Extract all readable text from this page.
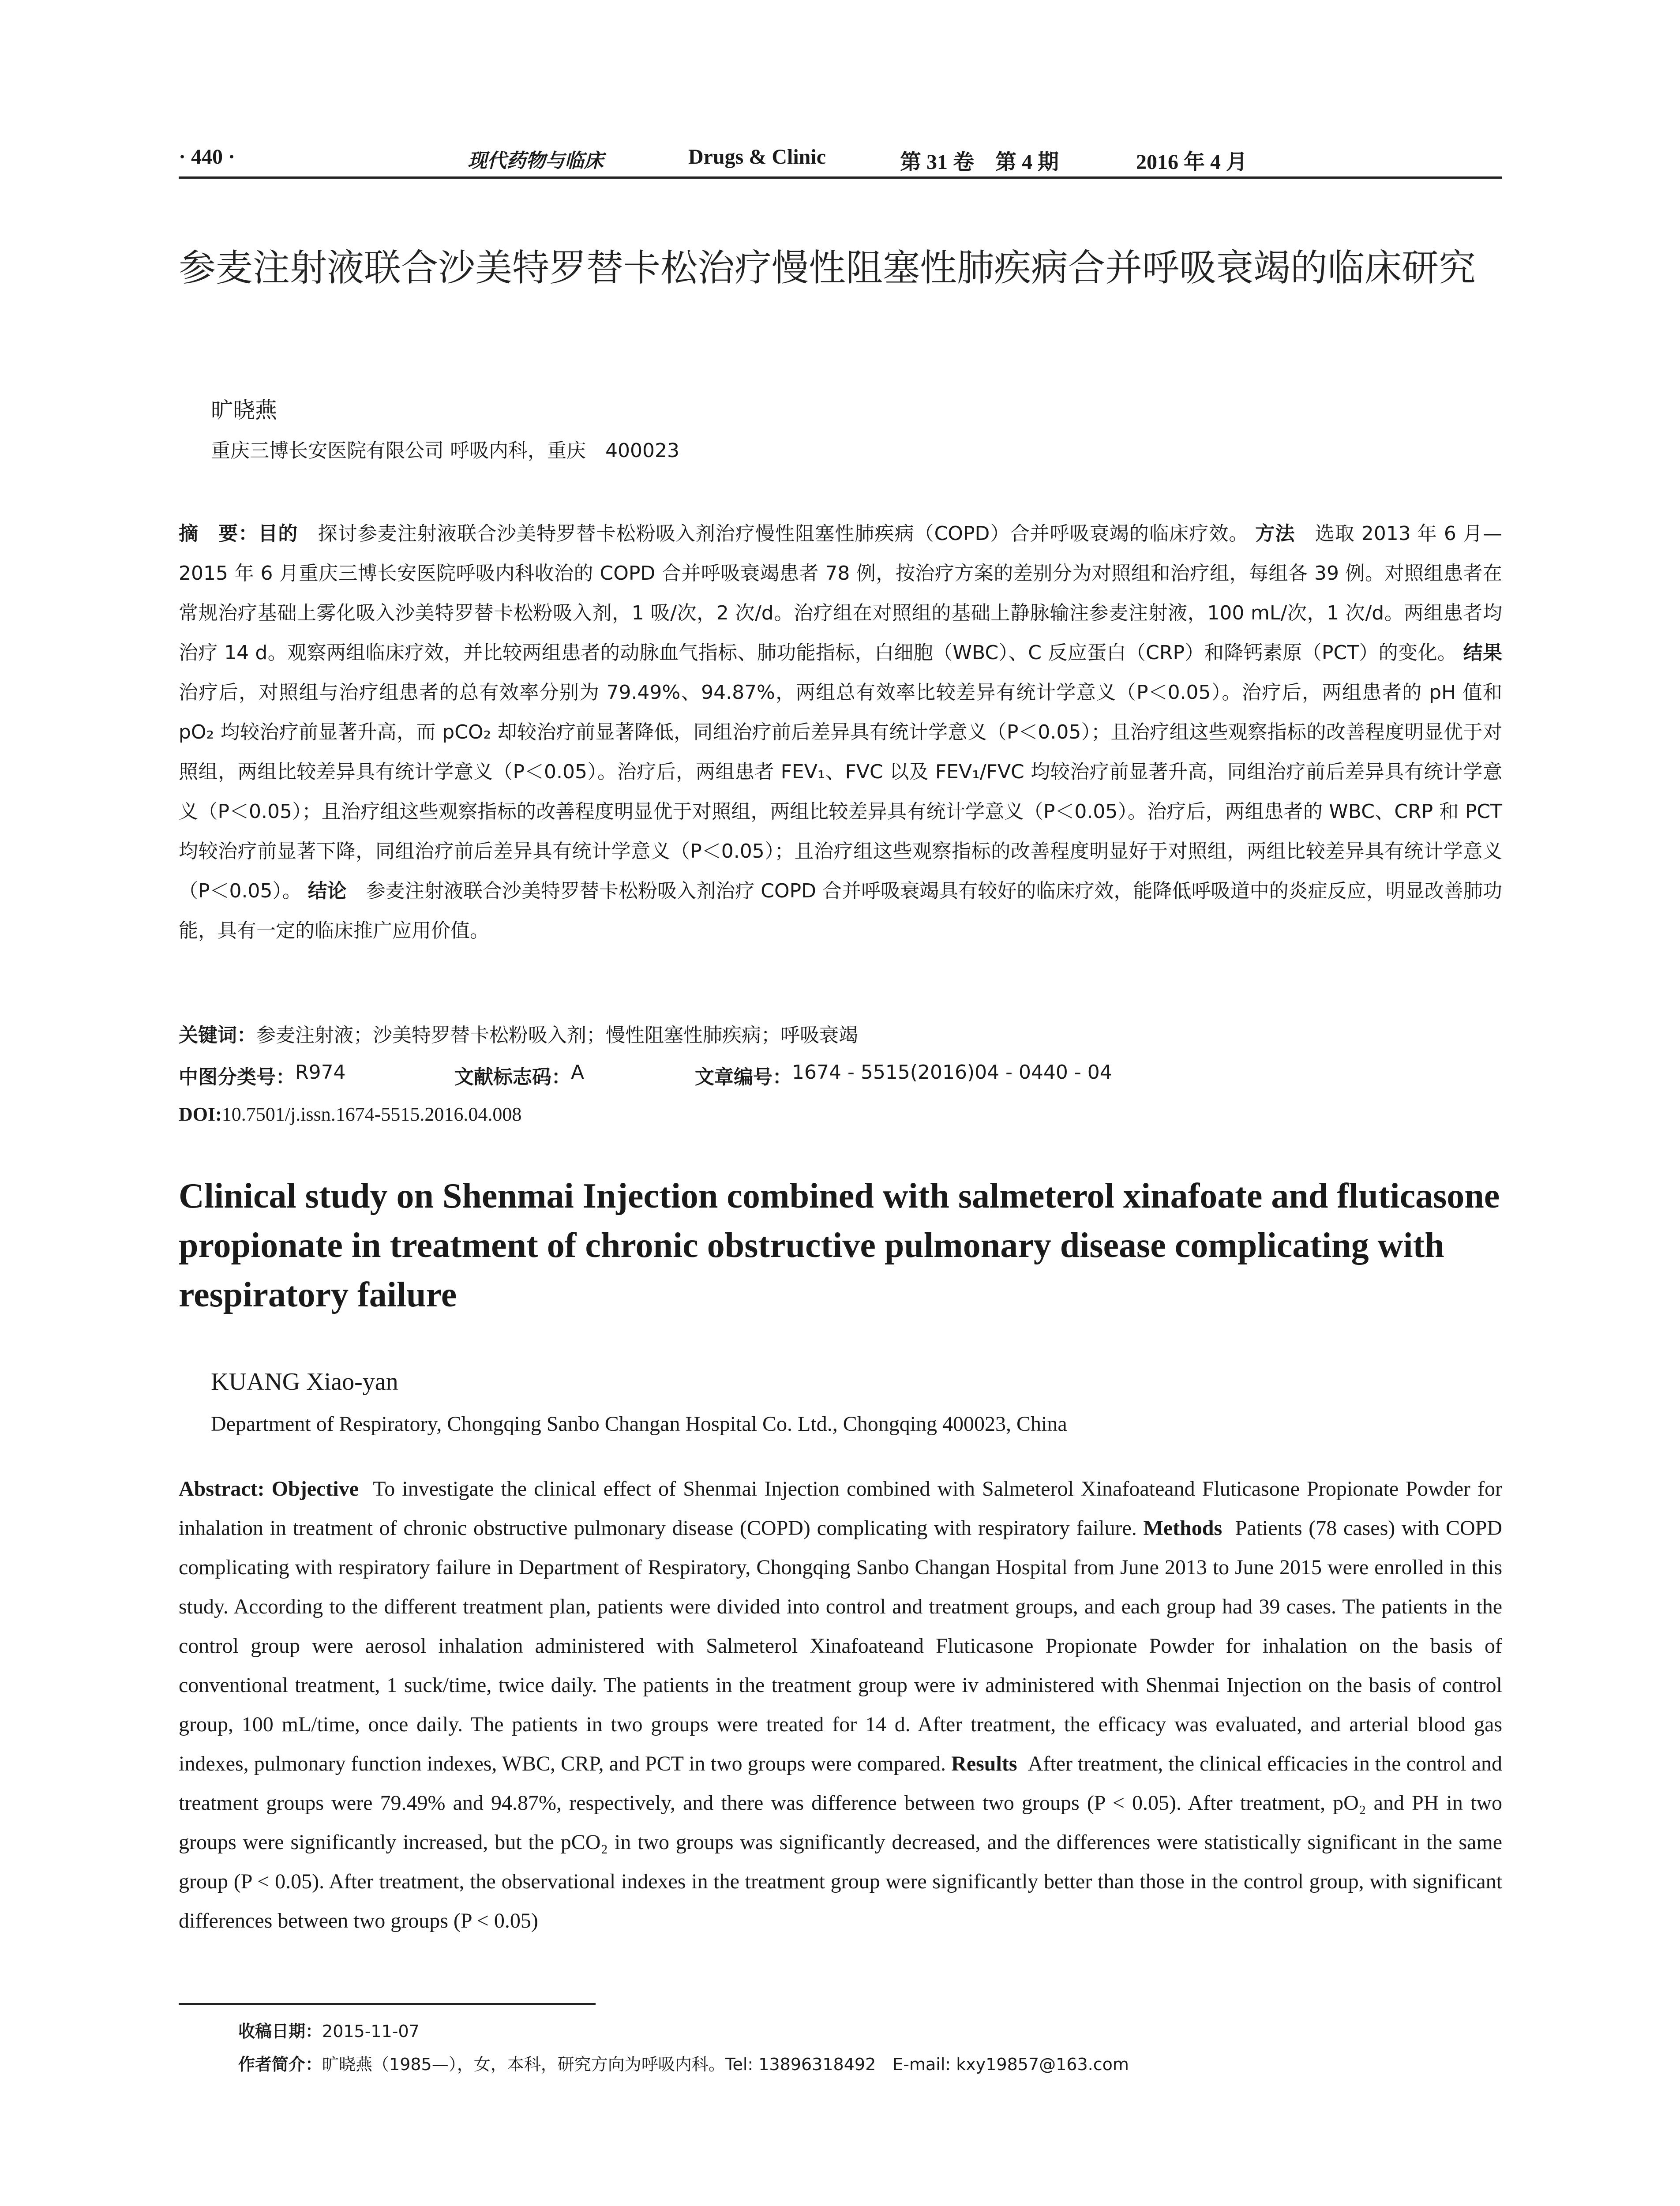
· 440 ·	现代药物与临床	Drugs & Clinic	第 31 卷　第 4 期	2016 年 4 月
参麦注射液联合沙美特罗替卡松治疗慢性阻塞性肺疾病合并呼吸衰竭的临床研究
旷晓燕
重庆三博长安医院有限公司 呼吸内科，重庆　400023
摘　要：目的　 探讨参麦注射液联合沙美特罗替卡松粉吸入剂治疗慢性阻塞性肺疾病（COPD）合并呼吸衰竭的临床疗效。 方法　 选取 2013 年 6 月—2015 年 6 月重庆三博长安医院呼吸内科收治的 COPD 合并呼吸衰竭患者 78 例，按治疗方案的差别分为对照组和治疗组，每组各 39 例。对照组患者在常规治疗基础上雾化吸入沙美特罗替卡松粉吸入剂，1 吸/次，2 次/d。治疗组在对照组的基础上静脉输注参麦注射液，100 mL/次，1 次/d。两组患者均治疗 14 d。观察两组临床疗效，并比较两组患者的动脉血气指标、肺功能指标，白细胞（WBC）、C 反应蛋白（CRP）和降钙素原（PCT）的变化。 结果　治疗后，对照组与治疗组患者的总有效率分别为 79.49%、94.87%，两组总有效率比较差异有统计学意义（P＜0.05）。治疗后，两组患者的 pH 值和 pO₂ 均较治疗前显著升高，而 pCO₂ 却较治疗前显著降低，同组治疗前后差异具有统计学意义（P＜0.05）；且治疗组这些观察指标的改善程度明显优于对照组，两组比较差异具有统计学意义（P＜0.05）。治疗后，两组患者 FEV₁、FVC 以及 FEV₁/FVC 均较治疗前显著升高，同组治疗前后差异具有统计学意义（P＜0.05）；且治疗组这些观察指标的改善程度明显优于对照组，两组比较差异具有统计学意义（P＜0.05）。治疗后，两组患者的 WBC、CRP 和 PCT 均较治疗前显著下降，同组治疗前后差异具有统计学意义（P＜0.05）；且治疗组这些观察指标的改善程度明显好于对照组，两组比较差异具有统计学意义（P＜0.05）。 结论　 参麦注射液联合沙美特罗替卡松粉吸入剂治疗 COPD 合并呼吸衰竭具有较好的临床疗效，能降低呼吸道中的炎症反应，明显改善肺功能，具有一定的临床推广应用价值。
关键词：参麦注射液；沙美特罗替卡松粉吸入剂；慢性阻塞性肺疾病；呼吸衰竭
中图分类号： R974	文献标志码： A	文章编号： 1674 - 5515(2016)04 - 0440 - 04
DOI:10.7501/j.issn.1674-5515.2016.04.008
Clinical study on Shenmai Injection combined with salmeterol xinafoate and fluticasone propionate in treatment of chronic obstructive pulmonary disease complicating with respiratory failure
KUANG Xiao-yan
Department of Respiratory, Chongqing Sanbo Changan Hospital Co. Ltd., Chongqing 400023, China
Abstract: Objective To investigate the clinical effect of Shenmai Injection combined with Salmeterol Xinafoateand Fluticasone Propionate Powder for inhalation in treatment of chronic obstructive pulmonary disease (COPD) complicating with respiratory failure. Methods Patients (78 cases) with COPD complicating with respiratory failure in Department of Respiratory, Chongqing Sanbo Changan Hospital from June 2013 to June 2015 were enrolled in this study. According to the different treatment plan, patients were divided into control and treatment groups, and each group had 39 cases. The patients in the control group were aerosol inhalation administered with Salmeterol Xinafoateand Fluticasone Propionate Powder for inhalation on the basis of conventional treatment, 1 suck/time, twice daily. The patients in the treatment group were iv administered with Shenmai Injection on the basis of control group, 100 mL/time, once daily. The patients in two groups were treated for 14 d. After treatment, the efficacy was evaluated, and arterial blood gas indexes, pulmonary function indexes, WBC, CRP, and PCT in two groups were compared. Results After treatment, the clinical efficacies in the control and treatment groups were 79.49% and 94.87%, respectively, and there was difference between two groups (P < 0.05). After treatment, pO₂ and PH in two groups were significantly increased, but the pCO₂ in two groups was significantly decreased, and the differences were statistically significant in the same group (P < 0.05). After treatment, the observational indexes in the treatment group were significantly better than those in the control group, with significant differences between two groups (P < 0.05)
收稿日期：2015-11-07
作者简介：旷晓燕（1985—），女，本科，研究方向为呼吸内科。Tel: 13896318492　E-mail: kxy19857@163.com
